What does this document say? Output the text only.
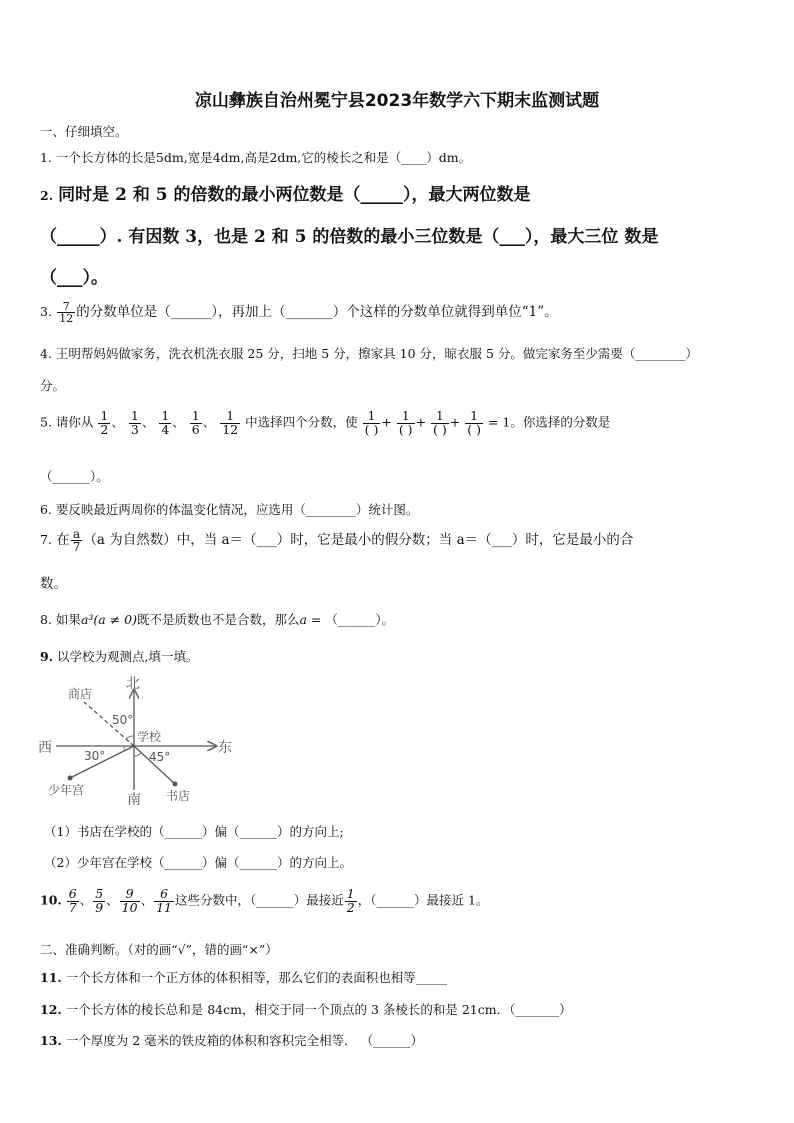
凉山彝族自治州冕宁县2023年数学六下期末监测试题
一、仔细填空。
1. 一个长方体的长是5dm,宽是4dm,高是2dm,它的棱长之和是（____）dm。
2. 同时是 2 和 5 的倍数的最小两位数是（_____），最大两位数是
（_____）. 有因数 3，也是 2 和 5 的倍数的最小三位数是（___），最大三位 数是
（___）。
3. $\frac{7}{12}$ 的分数单位是（______），再加上（_______）个这样的分数单位就得到单位“1”。
4. 王明帮妈妈做家务，洗衣机洗衣服 25 分，扫地 5 分，擦家具 10 分，晾衣服 5 分。做完家务至少需要（________）
分。
5. 请你从 $\frac{1}{2}$ 、 $\frac{1}{3}$ 、 $\frac{1}{4}$ 、 $\frac{1}{6}$ 、 $\frac{1}{12}$ 中选择四个分数，使 $\frac{1}{( )} + \frac{1}{( )} + \frac{1}{( )} + \frac{1}{( )} = 1$。你选择的分数是
（______）。
6. 要反映最近两周你的体温变化情况，应选用（________）统计图。
7. 在 $\frac{a}{7} (a$ 为自然数）中，当 a＝（___）时，它是最小的假分数；当 a＝（___）时，它是最小的合
数。
8. 如果a³(a ≠ 0)既不是质数也不是合数，那么a = （______）。
9. 以学校为观测点,填一填。
北
南
东
西
学校
商店
书店
少年宫
50°
45°
30°
（1）书店在学校的（______）偏（______）的方向上;
（2）少年宫在学校（______）偏（______）的方向上。
10. $\frac{6}{7}$ 、 $\frac{5}{9}$ 、 $\frac{9}{10}$ 、 $\frac{6}{11}$ 这些分数中，（______）最接近 $\frac{1}{2}$ ，（______）最接近 1。
二、准确判断。（对的画“√”，错的画“×”）
11. 一个长方体和一个正方体的体积相等，那么它们的表面积也相等_____
12. 一个长方体的棱长总和是 84cm，相交于同一个顶点的 3 条棱长的和是 21cm．（_______）
13. 一个厚度为 2 毫米的铁皮箱的体积和容积完全相等． （______）
